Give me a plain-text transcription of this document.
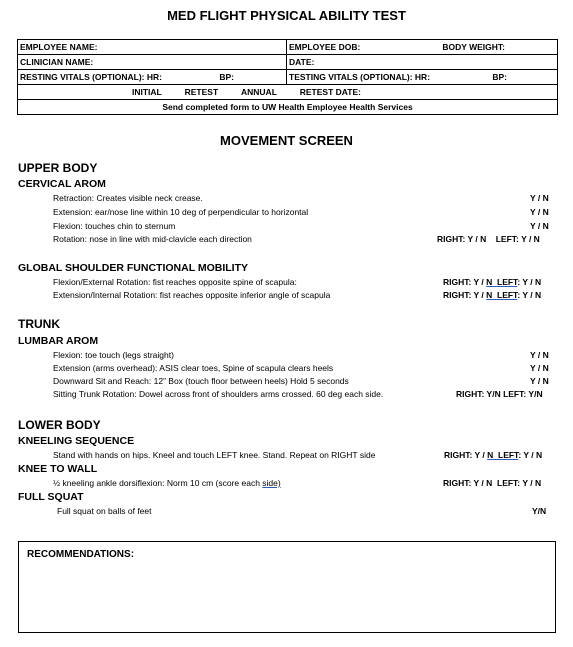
MED FLIGHT PHYSICAL ABILITY TEST
EMPLOYEE NAME:	EMPLOYEE DOB: BODY WEIGHT:

CLINICIAN NAME:	DATE:

RESTING VITALS (OPTIONAL): HR: BP:	TESTING VITALS (OPTIONAL): HR: BP:

INITIAL RETEST ANNUAL RETEST DATE:	

Send completed form to UW Health Employee Health Services	
MOVEMENT SCREEN
UPPER BODY
CERVICAL AROM
Retraction: Creates visible neck crease.	Y / N
Extension: ear/nose line within 10 deg of perpendicular to horizontal	Y / N
Flexion: touches chin to sternum	Y / N
Rotation: nose in line with mid-clavicle each direction	RIGHT: Y / N    LEFT: Y / N
GLOBAL SHOULDER FUNCTIONAL MOBILITY
Flexion/External Rotation: fist reaches opposite spine of scapula:	RIGHT: Y / N  LEFT: Y / N
Extension/Internal Rotation: fist reaches opposite inferior angle of scapula	RIGHT: Y / N  LEFT: Y / N
TRUNK
LUMBAR AROM
Flexion: toe touch (legs straight)	Y / N
Extension (arms overhead): ASIS clear toes, Spine of scapula clears heels	Y / N
Downward Sit and Reach: 12” Box (touch floor between heels) Hold 5 seconds	Y / N
Sitting Trunk Rotation: Dowel across front of shoulders arms crossed. 60 deg each side.	RIGHT: Y/N LEFT: Y/N
LOWER BODY
KNEELING SEQUENCE
Stand with hands on hips. Kneel and touch LEFT knee. Stand. Repeat on RIGHT side	RIGHT: Y / N  LEFT: Y / N
KNEE TO WALL
½ kneeling ankle dorsiflexion: Norm 10 cm (score each side)	RIGHT: Y / N  LEFT: Y / N
FULL SQUAT
Full squat on balls of feet	Y/N
RECOMMENDATIONS:
